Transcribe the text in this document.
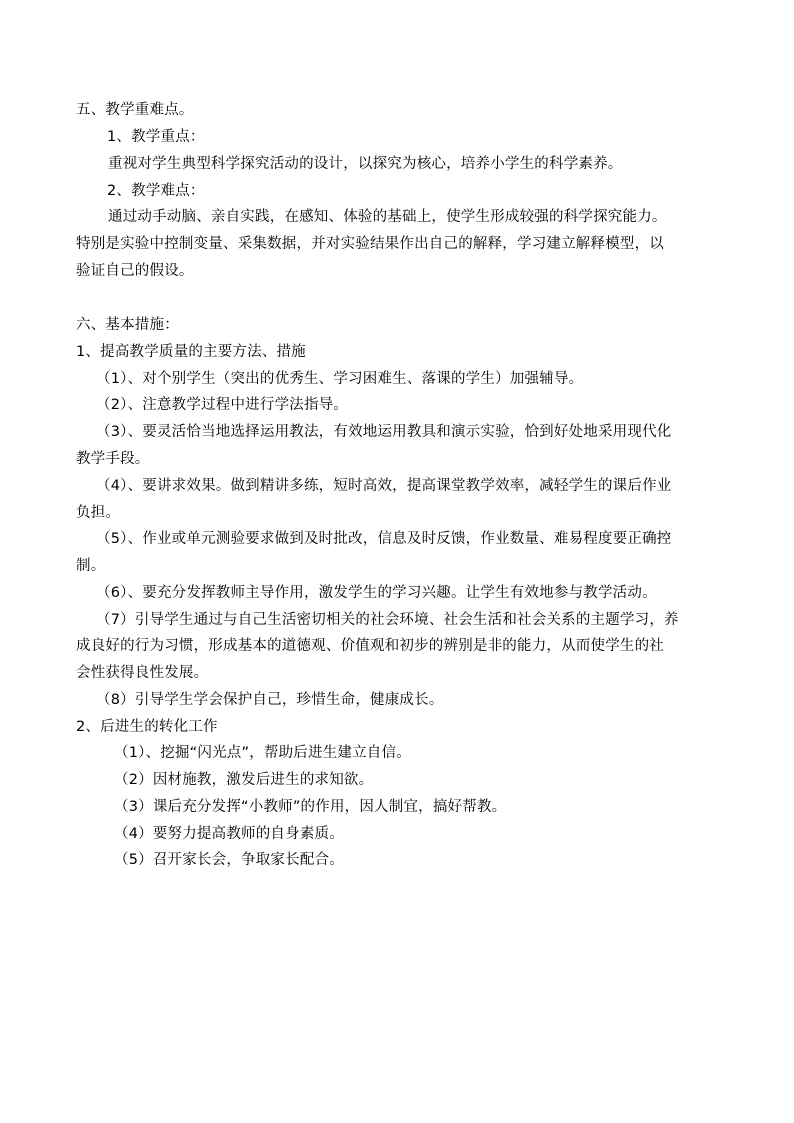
五、教学重难点。
1、教学重点：
重视对学生典型科学探究活动的设计，以探究为核心，培养小学生的科学素养。
2、教学难点：
通过动手动脑、亲自实践，在感知、体验的基础上，使学生形成较强的科学探究能力。
特别是实验中控制变量、采集数据，并对实验结果作出自己的解释，学习建立解释模型，以
验证自己的假设。
六、基本措施：
1、提高教学质量的主要方法、措施
（1）、对个别学生（突出的优秀生、学习困难生、落课的学生）加强辅导。
（2）、注意教学过程中进行学法指导。
（3）、要灵活恰当地选择运用教法，有效地运用教具和演示实验，恰到好处地采用现代化
教学手段。
（4）、要讲求效果。做到精讲多练，短时高效，提高课堂教学效率，减轻学生的课后作业
负担。
（5）、作业或单元测验要求做到及时批改，信息及时反馈，作业数量、难易程度要正确控
制。
（6）、要充分发挥教师主导作用，激发学生的学习兴趣。让学生有效地参与教学活动。
（7）引导学生通过与自己生活密切相关的社会环境、社会生活和社会关系的主题学习，养
成良好的行为习惯，形成基本的道德观、价值观和初步的辨别是非的能力，从而使学生的社
会性获得良性发展。
（8）引导学生学会保护自己，珍惜生命，健康成长。
2、后进生的转化工作
（1）、挖掘“闪光点”，帮助后进生建立自信。
（2）因材施教，激发后进生的求知欲。
（3）课后充分发挥“小教师”的作用，因人制宜，搞好帮教。
（4）要努力提高教师的自身素质。
（5）召开家长会，争取家长配合。
